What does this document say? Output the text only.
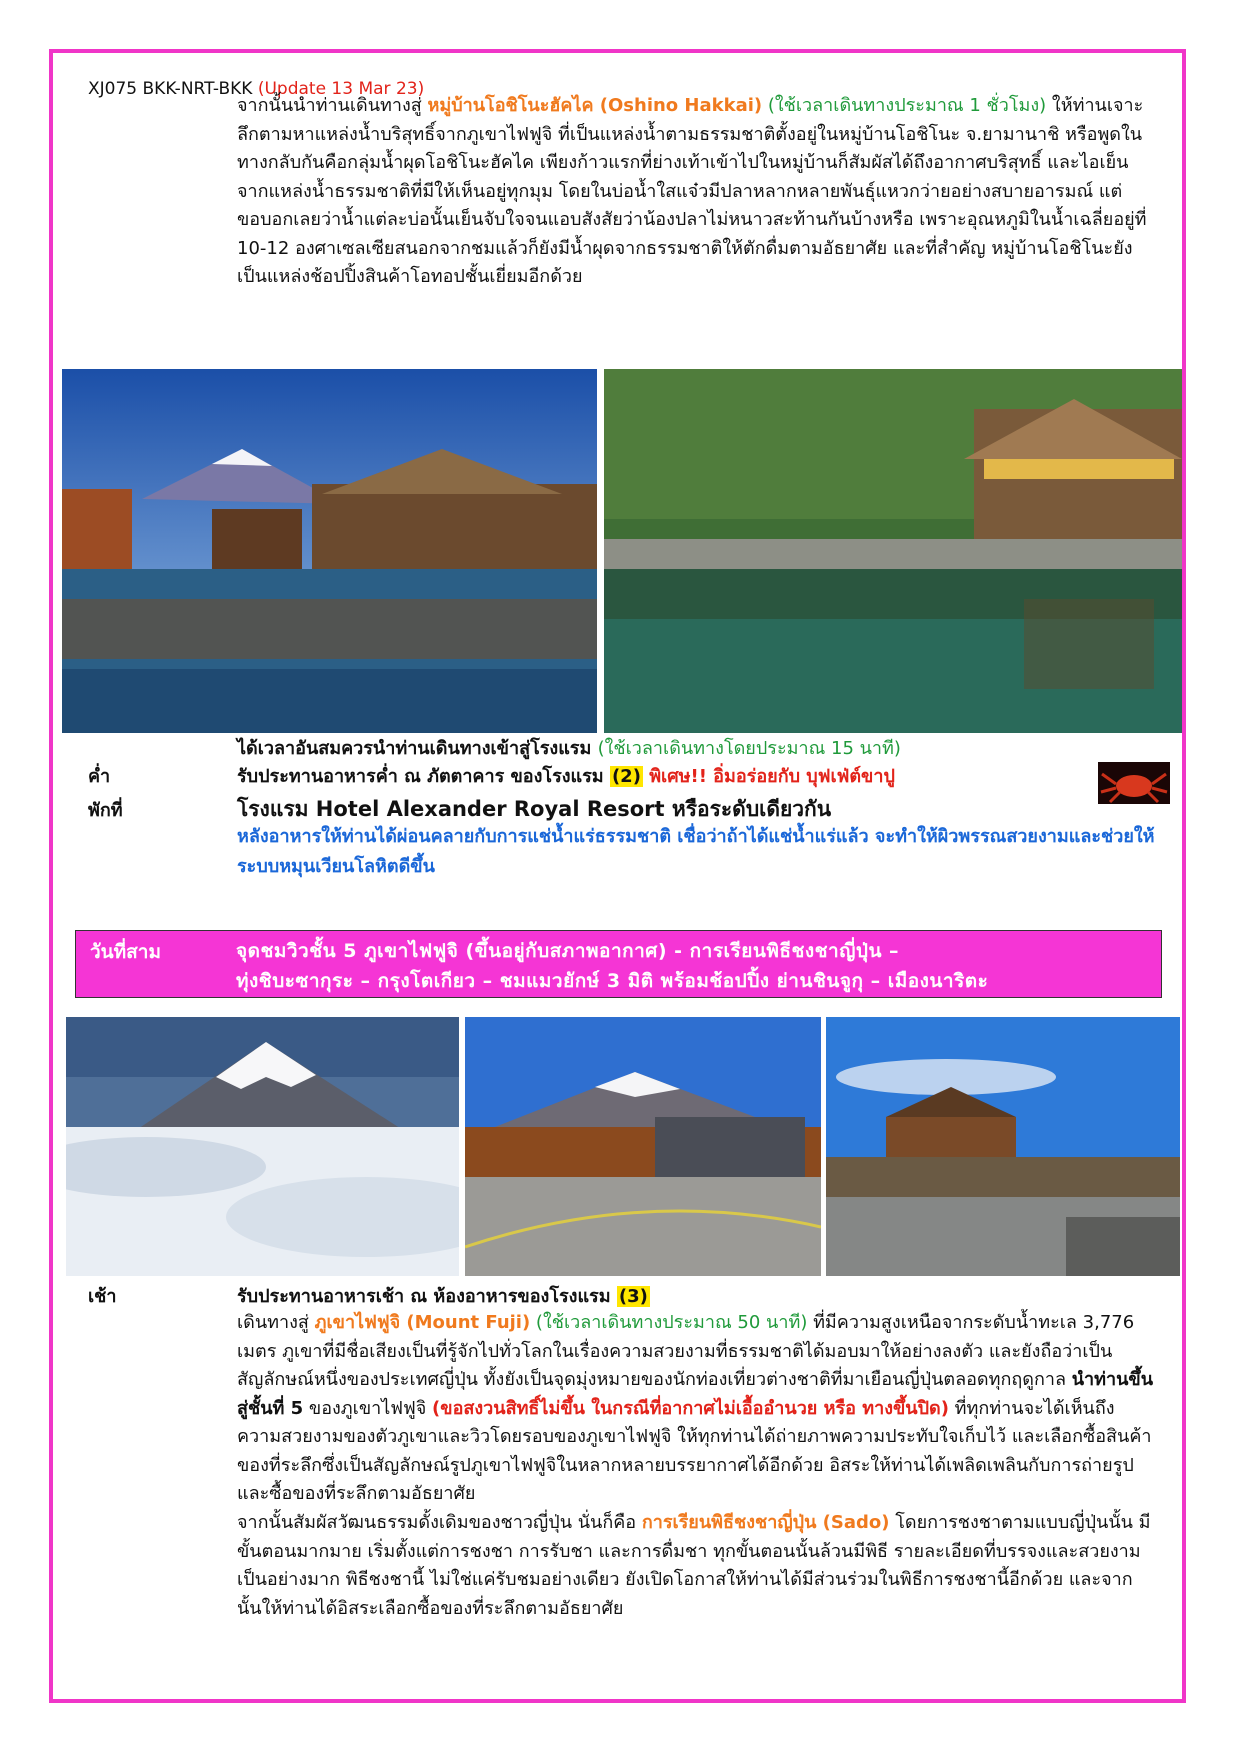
XJ075 BKK-NRT-BKK (Update 13 Mar 23)
จากนั้นนำท่านเดินทางสู่ หมู่บ้านโอชิโนะฮัคไค (Oshino Hakkai) (ใช้เวลาเดินทางประมาณ 1 ชั่วโมง) ให้ท่านเจาะลึกตามหาแหล่งน้ำบริสุทธิ์จากภูเขาไฟฟูจิ ที่เป็นแหล่งน้ำตามธรรมชาติตั้งอยู่ในหมู่บ้านโอชิโนะ จ.ยามานาชิ หรือพูดในทางกลับกันคือกลุ่มน้ำผุดโอชิโนะฮัคไค เพียงก้าวแรกที่ย่างเท้าเข้าไปในหมู่บ้านก็สัมผัสได้ถึงอากาศบริสุทธิ์ และไอเย็นจากแหล่งน้ำธรรมชาติที่มีให้เห็นอยู่ทุกมุม โดยในบ่อน้ำใสแจ๋วมีปลาหลากหลายพันธุ์แหวกว่ายอย่างสบายอารมณ์ แต่ขอบอกเลยว่าน้ำแต่ละบ่อนั้นเย็นจับใจจนแอบสังสัยว่าน้องปลาไม่หนาวสะท้านกันบ้างหรือ เพราะอุณหภูมิในน้ำเฉลี่ยอยู่ที่ 10-12 องศาเซลเซียสนอกจากชมแล้วก็ยังมีน้ำผุดจากธรรมชาติให้ตักดื่มตามอัธยาศัย และที่สำคัญ หมู่บ้านโอชิโนะยังเป็นแหล่งช้อปปิ้งสินค้าโอทอปชั้นเยี่ยมอีกด้วย
ได้เวลาอันสมควรนำท่านเดินทางเข้าสู่โรงแรม (ใช้เวลาเดินทางโดยประมาณ 15 นาที)
ค่ำ	รับประทานอาหารค่ำ ณ ภัตตาคาร ของโรงแรม (2) พิเศษ!! อิ่มอร่อยกับ บุฟเฟ่ต์ขาปู
พักที่	โรงแรม Hotel Alexander Royal Resort หรือระดับเดียวกัน
หลังอาหารให้ท่านได้ผ่อนคลายกับการแช่น้ำแร่ธรรมชาติ เชื่อว่าถ้าได้แช่น้ำแร่แล้ว จะทำให้ผิวพรรณสวยงามและช่วยให้ระบบหมุนเวียนโลหิตดีขึ้น
วันที่สาม	จุดชมวิวชั้น 5 ภูเขาไฟฟูจิ (ขึ้นอยู่กับสภาพอากาศ) - การเรียนพิธีชงชาญี่ปุ่น –
ทุ่งชิบะซากุระ – กรุงโตเกียว – ชมแมวยักษ์ 3 มิติ พร้อมช้อปปิ้ง ย่านชินจูกุ – เมืองนาริตะ
เช้า	รับประทานอาหารเช้า ณ ห้องอาหารของโรงแรม (3)
เดินทางสู่ ภูเขาไฟฟูจิ (Mount Fuji) (ใช้เวลาเดินทางประมาณ 50 นาที) ที่มีความสูงเหนือจากระดับน้ำทะเล 3,776 เมตร ภูเขาที่มีชื่อเสียงเป็นที่รู้จักไปทั่วโลกในเรื่องความสวยงามที่ธรรมชาติได้มอบมาให้อย่างลงตัว และยังถือว่าเป็นสัญลักษณ์หนึ่งของประเทศญี่ปุ่น ทั้งยังเป็นจุดมุ่งหมายของนักท่องเที่ยวต่างชาติที่มาเยือนญี่ปุ่นตลอดทุกฤดูกาล นำท่านขึ้นสู่ชั้นที่ 5 ของภูเขาไฟฟูจิ (ขอสงวนสิทธิ์ไม่ขึ้น ในกรณีที่อากาศไม่เอื้ออำนวย หรือ ทางขึ้นปิด) ที่ทุกท่านจะได้เห็นถึงความสวยงามของตัวภูเขาและวิวโดยรอบของภูเขาไฟฟูจิ ให้ทุกท่านได้ถ่ายภาพความประทับใจเก็บไว้ และเลือกซื้อสินค้าของที่ระลึกซึ่งเป็นสัญลักษณ์รูปภูเขาไฟฟูจิในหลากหลายบรรยากาศได้อีกด้วย อิสระให้ท่านได้เพลิดเพลินกับการถ่ายรูปและซื้อของที่ระลึกตามอัธยาศัย
จากนั้นสัมผัสวัฒนธรรมดั้งเดิมของชาวญี่ปุ่น นั่นก็คือ การเรียนพิธีชงชาญี่ปุ่น (Sado) โดยการชงชาตามแบบญี่ปุ่นนั้น มีขั้นตอนมากมาย เริ่มตั้งแต่การชงชา การรับชา และการดื่มชา ทุกขั้นตอนนั้นล้วนมีพิธี รายละเอียดที่บรรจงและสวยงามเป็นอย่างมาก พิธีชงชานี้ ไม่ใช่แค่รับชมอย่างเดียว ยังเปิดโอกาสให้ท่านได้มีส่วนร่วมในพิธีการชงชานี้อีกด้วย และจากนั้นให้ท่านได้อิสระเลือกซื้อของที่ระลึกตามอัธยาศัย
